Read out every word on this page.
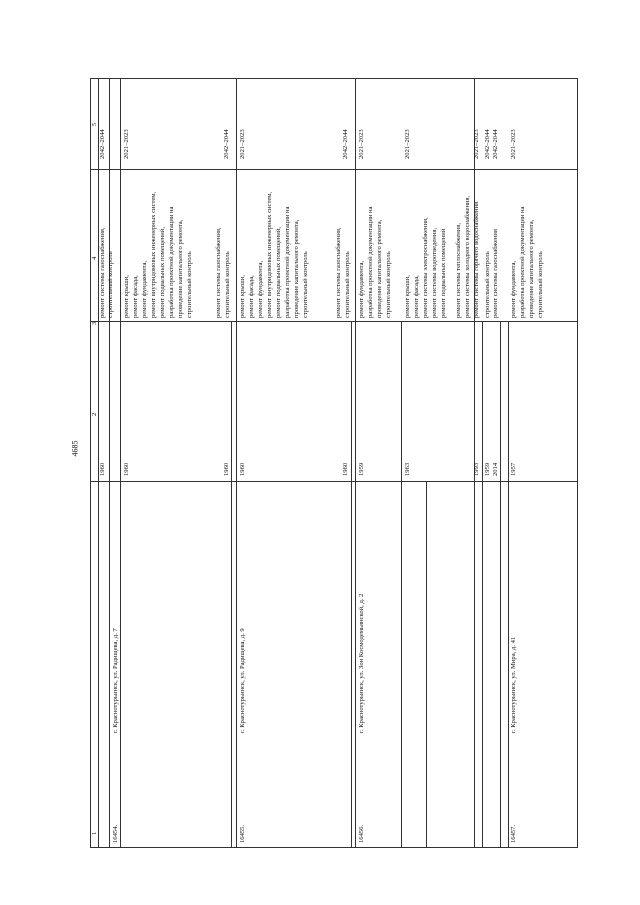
4685
1
2
3
4
5
16454.
г. Краснотурьинск, ул. Радищева, д. 7
1960
ремонт системы газоснабжения, строительный контроль
2042–2044
1960
ремонт крыши, ремонт фасада, ремонт фундамента, ремонт внутридомовых инженерных систем, ремонт подвальных помещений, разработка проектной документации на проведение капитального ремонта, строительный контроль
2021–2023
1960
ремонт системы газоснабжения, строительный контроль
2042–2044
16455.
г. Краснотурьинск, ул. Радищева, д. 9
1960
ремонт крыши, ремонт фасада, ремонт фундамента, ремонт внутридомовых инженерных систем, ремонт подвальных помещений, разработка проектной документации на проведение капитального ремонта, строительный контроль
2021–2023
1960
ремонт системы газоснабжения, строительный контроль
2042–2044
16456.
г. Краснотурьинск, ул. Зои Космодемьянской, д. 2
1959
ремонт фундамента, разработка проектной документации на проведение капитального ремонта, строительный контроль
2021–2023
1963
ремонт крыши, ремонт фасада, ремонт системы электроснабжения, ремонт системы водоотведения, ремонт подвальных помещений
2021–2023
1993
ремонт системы теплоснабжения, ремонт системы холодного водоснабжения, ремонт системы горячего водоснабжения
2021–2023
1959
строительный контроль
2042–2044
2014
ремонт системы газоснабжения
2042–2044
16457.
г. Краснотурьинск, ул. Мира, д. 41
1957
ремонт фундамента, разработка проектной документации на проведение капитального ремонта, строительный контроль
2021–2023
